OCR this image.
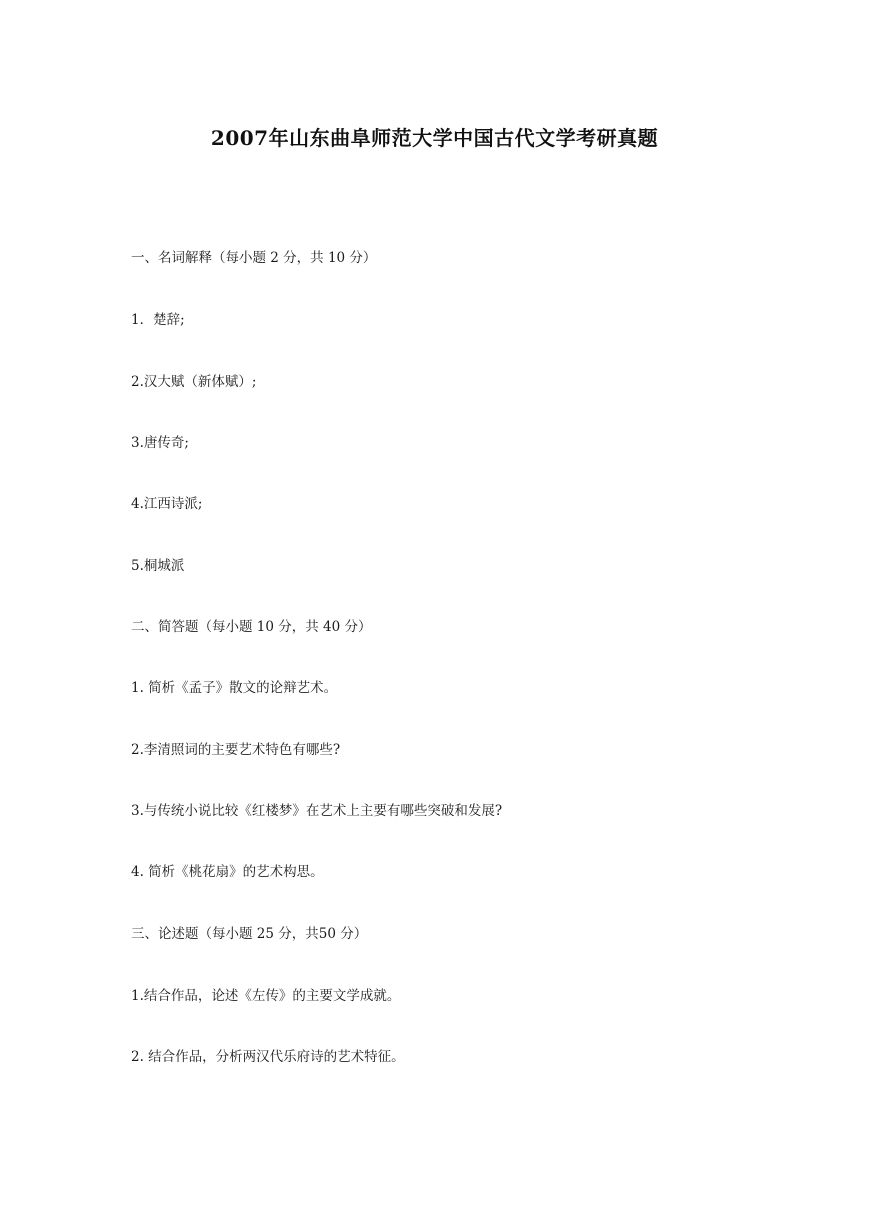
2007年山东曲阜师范大学中国古代文学考研真题
一、名词解释（每小题 2 分，共 10 分）
1．楚辞;
2.汉大赋（新体赋）;
3.唐传奇;
4.江西诗派;
5.桐城派
二、简答题（每小题 10 分，共 40 分）
1. 简析《孟子》散文的论辩艺术。
2.李清照词的主要艺术特色有哪些?
3.与传统小说比较《红楼梦》在艺术上主要有哪些突破和发展?
4. 简析《桃花扇》的艺术构思。
三、论述题（每小题 25 分，共50 分）
1.结合作品，论述《左传》的主要文学成就。
2. 结合作品，分析两汉代乐府诗的艺术特征。
